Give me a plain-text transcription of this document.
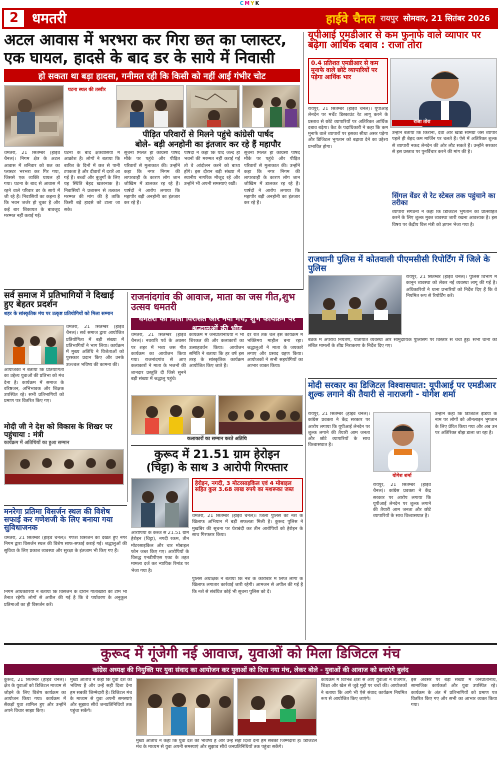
C M Y K
2 धमतरी	हाईवे चैनल रायपुर सोमवार, 21 सितंबर 2026
अटल आवास में भरभरा कर गिरा छत का प्लास्टर,
एक घायल, हादसे के बाद डर के साये में निवासी
हो सकता था बड़ा हादसा, गनीमत रही कि किसी को नहीं आई गंभीर चोट
घटना स्थल की तस्वीर
पीड़ित परिवारों से मिलने पहुंचे कांग्रेसी पार्षद
बोले- बड़ी अनहोनी का इंतजार कर रहे हैं महापौर

धमतरी, 21 सितम्बर (हाईवे चैनल)। निगम क्षेत्र के अटल आवास में शनिवार को छत का प्लास्टर भरभरा कर गिर गया, जिससे एक व्यक्ति घायल हो गया। घटना के बाद से आवास में रहने वाले परिवार डर के साये में जी रहे हैं। निवासियों का कहना है कि भवन जर्जर हो चुका है और कई बार शिकायत के बावजूद मरम्मत नहीं कराई गई।

घटना के बाद क्षेत्रवासियों में आक्रोश है। लोगों ने बताया कि बारिश के दिनों में छत से पानी टपकता है और दीवारों में दरारें आ गई हैं। बच्चों और बुजुर्गों के लिए यह स्थिति बेहद खतरनाक है। निवासियों ने प्रशासन से तत्काल मरम्मत की मांग की है ताकि किसी बड़े हादसे को टाला जा सके।

सूचना मिलते ही कांग्रेसी पार्षद मौके पर पहुंचे और पीड़ित परिवारों से मुलाकात की। उन्होंने कहा कि नगर निगम की लापरवाही के कारण लोग जान जोखिम में डालकर रह रहे हैं। पार्षदों ने आरोप लगाया कि महापौर बड़ी अनहोनी का इंतजार कर रहे हैं।

पार्षदों ने कहा कि यदि जल्द ही भवनों की मरम्मत नहीं कराई गई तो वे आंदोलन करने को बाध्य होंगे। इस दौरान बड़ी संख्या में स्थानीय नागरिक मौजूद रहे और उन्होंने भी अपनी समस्याएं रखीं।

सूचना मिलते ही कांग्रेसी पार्षद मौके पर पहुंचे और पीड़ित परिवारों से मुलाकात की। उन्होंने कहा कि नगर निगम की लापरवाही के कारण लोग जान जोखिम में डालकर रह रहे हैं। पार्षदों ने आरोप लगाया कि महापौर बड़ी अनहोनी का इंतजार कर रहे हैं।

यूपीआई एमडीआर से कम फुनाफे वाले व्यापार पर बढ़ेगा आर्थिक दबाव : राजा तोरा
0.4 प्रतिशत एमडीआर से कम मुनाफे वाले छोटे व्यापारियों पर पड़ेगा आर्थिक भार
राजा तोरा

रायपुर, 21 सितम्बर (हाईवे चैनल)। यूपीआई लेनदेन पर मर्चेंट डिस्काउंट रेट लागू करने के प्रस्ताव से छोटे व्यापारियों पर अतिरिक्त आर्थिक दबाव बढ़ेगा। कैट के पदाधिकारी ने कहा कि कम मुनाफे वाले व्यापारों पर इसका सीधा असर पड़ेगा और डिजिटल भुगतान को बढ़ावा देने का उद्देश्य प्रभावित होगा।

उन्होंने बताया कि किराना, दवा और खाद्य सामग्री जैसे व्यापार पहले ही बेहद कम मार्जिन पर चलते हैं। ऐसे में अतिरिक्त शुल्क से व्यापारी नकद लेनदेन की ओर लौट सकते हैं। उन्होंने सरकार से इस प्रस्ताव पर पुनर्विचार करने की मांग की है।

सिंगल वेंडर से रेट स्टेबल तक पहुंचाने का तरीका

व्यापारी संगठनों ने कहा कि डिजिटल भुगतान को प्रोत्साहित करने के लिए शुल्क मुक्त व्यवस्था जारी रखना आवश्यक है। इस विषय पर केंद्रीय वित्त मंत्री को ज्ञापन भेजा गया है।

राजधानी पुलिस में कोतवाली पीएमसीसी रिपोर्टिंग में जिले के पुलिस

रायपुर, 21 सितम्बर (हाईवे चैनल)। पुलिस विभाग में कानून व्यवस्था को लेकर नई व्यवस्था लागू की गई है। अधिकारियों ने थाना प्रभारियों को निर्देश दिए हैं कि वे नियमित रूप से रिपोर्टिंग करें।

बैठक में अपराध नियंत्रण, यातायात व्यवस्था और सामुदायिक पुलिसिंग पर विस्तार से चर्चा हुई। सभी थानों को लंबित मामलों के शीघ्र निराकरण के निर्देश दिए गए।

सर्व समाज में प्रतिभागियों ने दिखाई हुए बेहतर प्रदर्शन
शहर के सांस्कृतिक मंच पर उत्कृष्ट प्रतियोगियों को मिला सम्मान

धमतरी, 21 सितम्बर (हाईवे चैनल)। सर्व समाज द्वारा आयोजित प्रतियोगिता में बड़ी संख्या में प्रतिभागियों ने भाग लिया। कार्यक्रम में मुख्य अतिथि ने विजेताओं को पुरस्कार प्रदान किए और उनके उज्ज्वल भविष्य की कामना की।

आयोजकों ने बताया कि प्रतियोगिता का उद्देश्य युवाओं की प्रतिभा को मंच देना है। कार्यक्रम में समाज के वरिष्ठजन, अभिभावक और शिक्षक उपस्थित रहे। सभी प्रतिभागियों को प्रमाण पत्र वितरित किए गए।

मोदी जी ने देश को विकास के शिखर पर पहुंचाया : मंत्री
कार्यक्रम में अतिथियों का हुआ सम्मान
राजनांदगांव की आवाज, माता का जस गीत,शुभ उत्सव धमतरी
धमतरी को मिली विरासत और नया मंच, शुभ कार्यक्रम पर श्रद्धालुओं की भीड़

धमतरी, 21 सितम्बर (हाईवे चैनल)। नवरात्रि पर्व के अवसर पर शहर में भव्य जस गीत कार्यक्रम का आयोजन किया गया। राजनांदगांव से आए कलाकारों ने माता के भजनों की शानदार प्रस्तुति दी जिसे सुनने बड़ी संख्या में श्रद्धालु पहुंचे।

कार्यक्रम में जनप्रतिनिधियों ने भी शिरकत की और कलाकारों का उत्साहवर्धन किया। आयोजन समिति ने बताया कि हर वर्ष इस तरह के सांस्कृतिक कार्यक्रम आयोजित किए जाते हैं।

देर रात तक चले इस कार्यक्रम में भक्तिमय माहौल बना रहा। श्रद्धालुओं ने माता के जयकारे लगाए और प्रसाद ग्रहण किया। आयोजकों ने सभी सहयोगियों का आभार व्यक्त किया।

कलाकारों का सम्मान करते अतिथि
कुरूद में 21.51 ग्राम हेरोइन
(चिट्टा) के साथ 3 आरोपी गिरफ्तार
हेरोइन, नगदी, 3 मोटरसाइकिल एवं 4 मोबाइल सहित कुल 3.68 लाख रुपये का मशरूका जब्त

धमतरी, 21 सितम्बर (हाईवे चैनल)। जिला पुलिस को नशे के खिलाफ अभियान में बड़ी सफलता मिली है। कुरूद पुलिस ने मुखबिर की सूचना पर घेराबंदी कर तीन आरोपियों को हेरोइन के साथ गिरफ्तार किया।

आरोपियों के कब्जे से 21.51 ग्राम हेरोइन (चिट्टा), नगदी रकम, तीन मोटरसाइकिल और चार मोबाइल फोन जब्त किए गए। आरोपियों के विरुद्ध एनडीपीएस एक्ट के तहत मामला दर्ज कर न्यायिक रिमांड पर भेजा गया है।

पुलिस अधीक्षक ने बताया कि नशे के कारोबार में लिप्त लोगों के खिलाफ लगातार कार्रवाई जारी रहेगी। आमजन से अपील की गई है कि नशे से संबंधित कोई भी सूचना पुलिस को दें।

मनरेगा प्रतिमा विसर्जन स्थल की विशेष सफाई कर गणेशजी के लिए बनाया गया सुविधाजनक

धमतरी, 21 सितम्बर (हाईवे चैनल)। गणेश विसर्जन को देखते हुए नगर निगम द्वारा विसर्जन स्थल की विशेष साफ-सफाई कराई गई। श्रद्धालुओं की सुविधा के लिए प्रकाश व्यवस्था और सुरक्षा के इंतजाम भी किए गए हैं।

निगम अधिकारियों ने बताया कि विसर्जन के दौरान गोताखोरों की टीम भी तैनात रहेगी। लोगों से अपील की गई है कि वे पर्यावरण के अनुकूल प्रतिमाओं का ही विसर्जन करें।

मोदी सरकार का डिजिटल विश्वासघात: यूपीआई पर एमडीआर शुल्क लगाने की तैयारी से नाराजगी - योगेश शर्मा

रायपुर, 21 सितम्बर (हाईवे चैनल)। कांग्रेस प्रवक्ता ने केंद्र सरकार पर आरोप लगाया कि यूपीआई लेनदेन पर शुल्क लगाने की तैयारी आम जनता और छोटे व्यापारियों के साथ विश्वासघात है।

योगेश शर्मा

उन्होंने कहा कि डिजिटल इंडिया के नाम पर लोगों को ऑनलाइन भुगतान के लिए प्रेरित किया गया और अब उन पर अतिरिक्त बोझ डाला जा रहा है।

रायपुर, 21 सितम्बर (हाईवे चैनल)। कांग्रेस प्रवक्ता ने केंद्र सरकार पर आरोप लगाया कि यूपीआई लेनदेन पर शुल्क लगाने की तैयारी आम जनता और छोटे व्यापारियों के साथ विश्वासघात है।

कुरूद में गूंजेगी नई आवाज, युवाओं को मिला डिजिटल मंच
कांग्रेस अध्यक्ष की नियुक्ति पर युवा संवाद का आयोजन कर युवाओं को दिया नया मंच, लेकर बोले - युवाओं की आवाज को बनाएंगे बुलंद

कुरूद, 21 सितम्बर (हाईवे चैनल)। क्षेत्र के युवाओं को डिजिटल माध्यम से जोड़ने के लिए विशेष कार्यक्रम का आयोजन किया गया। कार्यक्रम में सैकड़ों युवा शामिल हुए और उन्होंने अपने विचार साझा किए।

मुख्य अतिथि ने कहा कि युवा देश का भविष्य हैं और उन्हें सही दिशा देना हम सबकी जिम्मेदारी है। डिजिटल मंच के माध्यम से युवा अपनी समस्याएं और सुझाव सीधे जनप्रतिनिधियों तक पहुंचा सकेंगे।

कार्यक्रम में विभिन्न क्षेत्रों से आए युवाओं ने रोजगार, शिक्षा और खेल से जुड़े मुद्दों पर चर्चा की। आयोजकों ने बताया कि आगे भी ऐसे संवाद कार्यक्रम नियमित रूप से आयोजित किए जाएंगे।

इस अवसर पर बड़ी संख्या में जनप्रतिनिधि, सामाजिक कार्यकर्ता और युवा उपस्थित रहे। कार्यक्रम के अंत में प्रतिभागियों को प्रमाण पत्र वितरित किए गए और सभी का आभार व्यक्त किया गया।

मुख्य अतिथि ने कहा कि युवा देश का भविष्य हैं और उन्हें सही दिशा देना हम सबकी जिम्मेदारी है। डिजिटल मंच के माध्यम से युवा अपनी समस्याएं और सुझाव सीधे जनप्रतिनिधियों तक पहुंचा सकेंगे।
